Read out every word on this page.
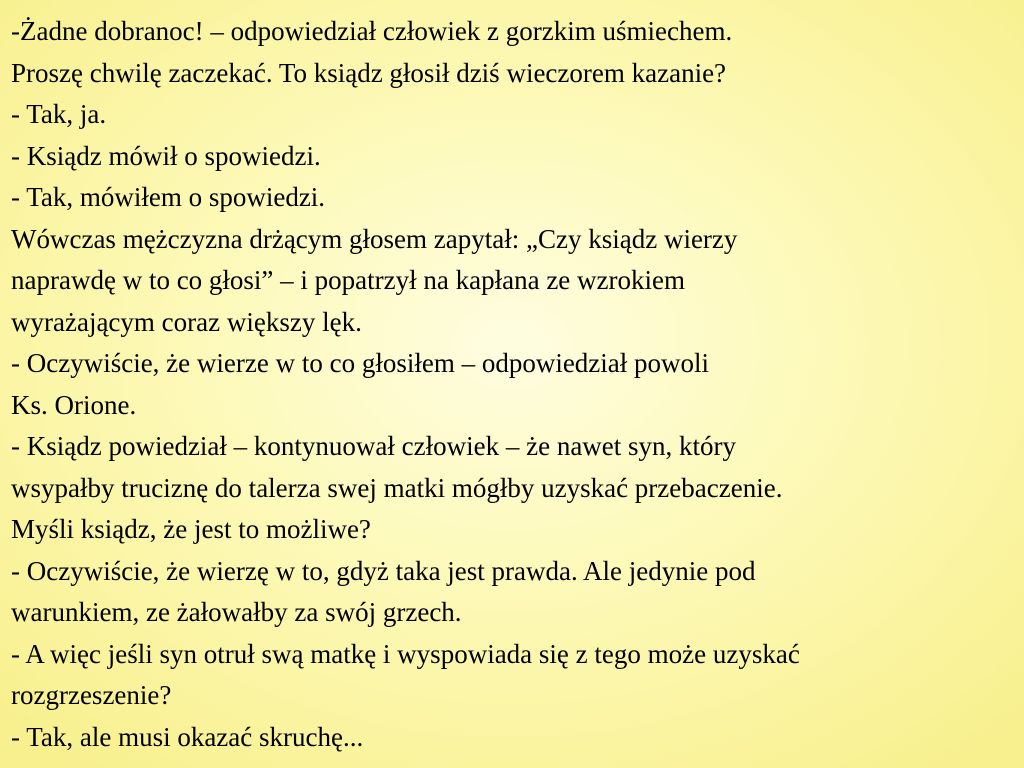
-Żadne dobranoc! – odpowiedział człowiek z gorzkim uśmiechem.
Proszę chwilę zaczekać. To ksiądz głosił dziś wieczorem kazanie?
- Tak, ja.
- Ksiądz mówił o spowiedzi.
- Tak, mówiłem o spowiedzi.
Wówczas mężczyzna drżącym głosem zapytał: „Czy ksiądz wierzy
naprawdę w to co głosi” – i popatrzył na kapłana ze wzrokiem
wyrażającym coraz większy lęk.
- Oczywiście, że wierze w to co głosiłem – odpowiedział powoli
Ks. Orione.
- Ksiądz powiedział – kontynuował człowiek – że nawet syn, który
wsypałby truciznę do talerza swej matki mógłby uzyskać przebaczenie.
Myśli ksiądz, że jest to możliwe?
- Oczywiście, że wierzę w to, gdyż taka jest prawda. Ale jedynie pod
warunkiem, ze żałowałby za swój grzech.
- A więc jeśli syn otruł swą matkę i wyspowiada się z tego może uzyskać
rozgrzeszenie?
- Tak, ale musi okazać skruchę...
